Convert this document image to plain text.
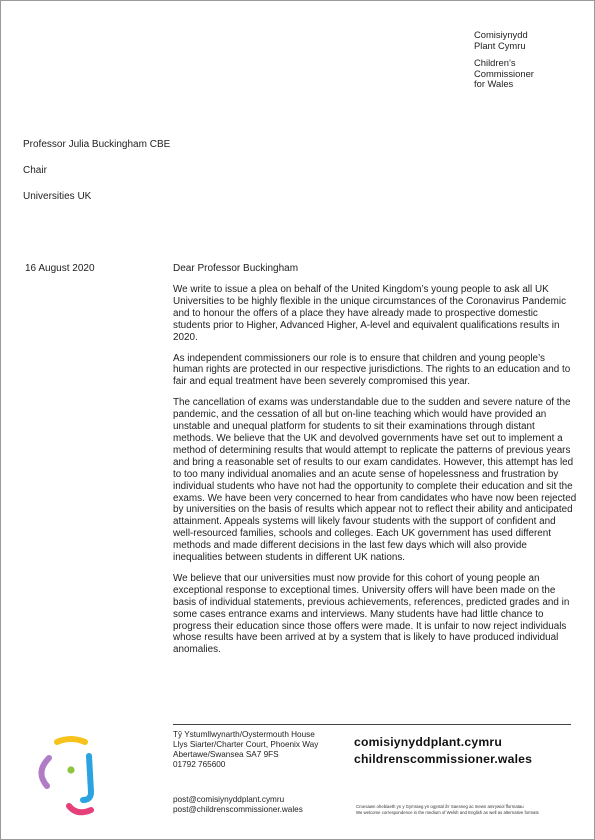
Comisiynydd
Plant Cymru
Children’s
Commissioner
for Wales
Professor Julia Buckingham CBE
Chair
Universities UK
16 August 2020	Dear Professor Buckingham

We write to issue a plea on behalf of the United Kingdom’s young people to ask all UK Universities to be highly flexible in the unique circumstances of the Coronavirus Pandemic and to honour the offers of a place they have already made to prospective domestic students prior to Higher, Advanced Higher, A-level and equivalent qualifications results in 2020.

As independent commissioners our role is to ensure that children and young people’s human rights are protected in our respective jurisdictions. The rights to an education and to fair and equal treatment have been severely compromised this year.

The cancellation of exams was understandable due to the sudden and severe nature of the pandemic, and the cessation of all but on-line teaching which would have provided an unstable and unequal platform for students to sit their examinations through distant methods. We believe that the UK and devolved governments have set out to implement a method of determining results that would attempt to replicate the patterns of previous years and bring a reasonable set of results to our exam candidates. However, this attempt has led to too many individual anomalies and an acute sense of hopelessness and frustration by individual students who have not had the opportunity to complete their education and sit the exams. We have been very concerned to hear from candidates who have now been rejected by universities on the basis of results which appear not to reflect their ability and anticipated attainment. Appeals systems will likely favour students with the support of confident and well-resourced families, schools and colleges. Each UK government has used different methods and made different decisions in the last few days which will also provide inequalities between students in different UK nations.

We believe that our universities must now provide for this cohort of young people an exceptional response to exceptional times. University offers will have been made on the basis of individual statements, previous achievements, references, predicted grades and in some cases entrance exams and interviews. Many students have had little chance to progress their education since those offers were made. It is unfair to now reject individuals whose results have been arrived at by a system that is likely to have produced individual anomalies.

Tŷ Ystumllwynarth/Oystermouth House
Llys Siarter/Charter Court, Phoenix Way
Abertawe/Swansea SA7 9FS
01792 765600
post@comisiynyddplant.cymru
post@childrenscommissioner.wales
comisiynyddplant.cymru
childrenscommissioner.wales
Croesawn ohebiaeth yn y Gymraeg yn ogystal â'r Saesneg ac mewn amrywiol fformatau
We welcome correspondence in the medium of Welsh and English as well as alternative formats
